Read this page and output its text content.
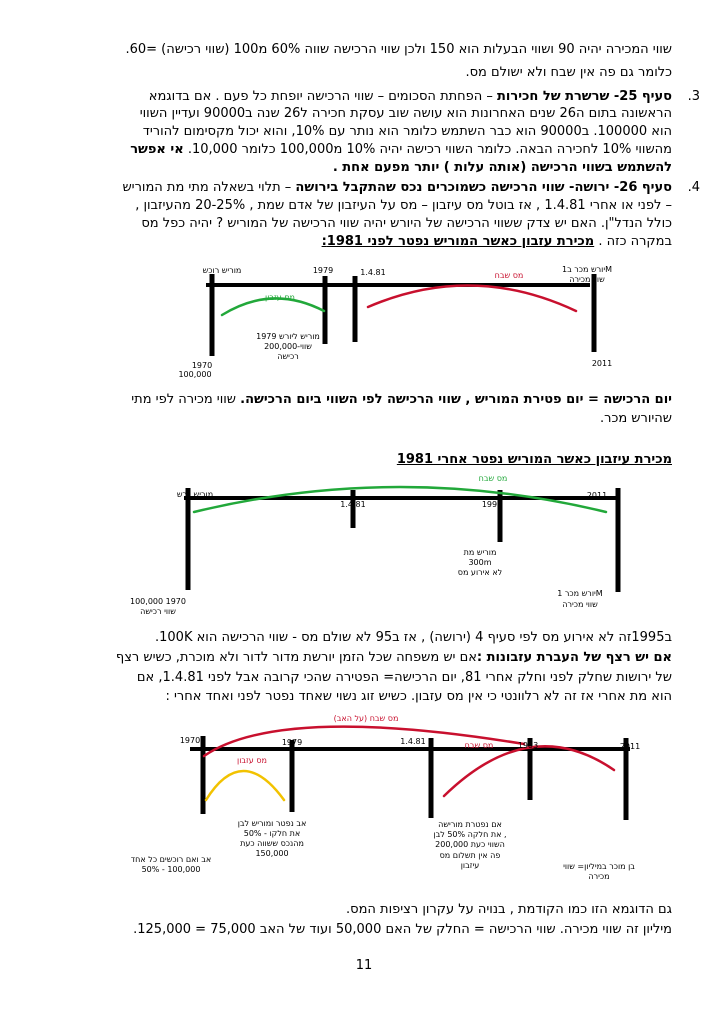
שווי המכירה יהיה 90 ושווי הבעלות הוא 150 ולכן שווי הרכישה שווה 60% מ100 (שווי רכישה) =60.
כלומר גם פה אין שבח ולא ישולם מס.
3.
סעיף 25- שרשרת של חכירות – הפחתת הסכומים – שווי הרכישה יופחת כל פעם . אם בדוגמא
הראשונה בתום ה26 שנים האחרונות הוא עושה שוב עסקת חכירה ל26 שנה ב90000 ועדיין השווי
הוא 100000. ב90000 הוא כבר השתמש כלומר הוא נותר עם 10%, והוא יכול מקסימום להוריד
מהשווי 10% לחכירה הבאה. כלומר השווי רכישה יהיה 10% מ100,000 כלומר 10,000. אי אפשר
להשתמש בשווי הרכישה (אותה עלות ) יותר מפעם אחת .
4.
סעיף 26- ירושה- שווי הרכישה כשמוכרים נכס שהתקבל בירושה – תלוי בשאלה מתי מת המוריש
– לפני או אחרי 1.4.81 , אז בוטל מס עיזבון – מס על העיזבון של אדם שמת , 20-25% מהעיזבון ,
כולל הנדל"ן. האם יש צדק ששווי הרכישה של היורש יהיה שווי הרכישה של המוריש ? יהיה כפל מס
במקרה כזה . מכירת עזבון כאשר המוריש נפטר לפני 1981:
מוריש רוכש	1979	1.4.81	יורש מכר ב1M
שווי מכירה
מס עזבון
מס שבח
1979 מוריש ליורש
200,000-שווי
רכישה
1970
100,000
2011
יום הרכישה = יום פטירת המוריש , שווי הרכישה לפי השווי ביום הרכישה. שווי מכירה לפי מתי
שהיורש מכר.
מכירת עיזבון כאשר המוריש נפטר אחרי 1981
מוריש יורש
מס שבח
2011
1.4.81	1995
מוריש מת
300m
לא אירוע מס
100,000 1970
שווי רכישה
יורש מכר 1M
שווי מכירה
ב1995זה לא אירוע מס לפי סעיף 4 (ירושה) , אז ב95 לא שולם מס - שווי הרכישה הוא 100K.
אם יש רצף של העברת עזבונות :אם יש משפחה שכל הזמן יורשת מדור לדור ולא מוכרת, כשיש רצף
של ירושות שחלק לפני וחלק אחרי 81, יום הרכישה= הפטירה שהכי קרובה אבל לפני 1.4.81, אם
הוא מת אחרי אז זה לא רלוונטי כי אין מס עזבון. כשיש זוג נשוי שאחד נפטר לפני ואחד אחרי :
מס שבח (על האב)
1970	1979	1.4.81	מס שבח	1993	2011
מס עזבון
אב נפטר ומוריש לבן
את חלקו - 50%
מהנכס ששווה כעת
150,000
אם נפטרת מורישה
את חלקה 50% לבן ,
השווי כעת 200,000
פה אין תשלום מס
עיזבון
אב ואם רוכשים כל אחד
50% - 100,000	בן מוכר במיליון= שווי
מכירה
גם הדוגמא הזו כמו הקודמת , בנויה על עקרון רציפות המס.
מיליון זה שווי מכירה. שווי הרכישה = החלק של האם 50,000 ועוד של האב 75,000 = 125,000.
11
